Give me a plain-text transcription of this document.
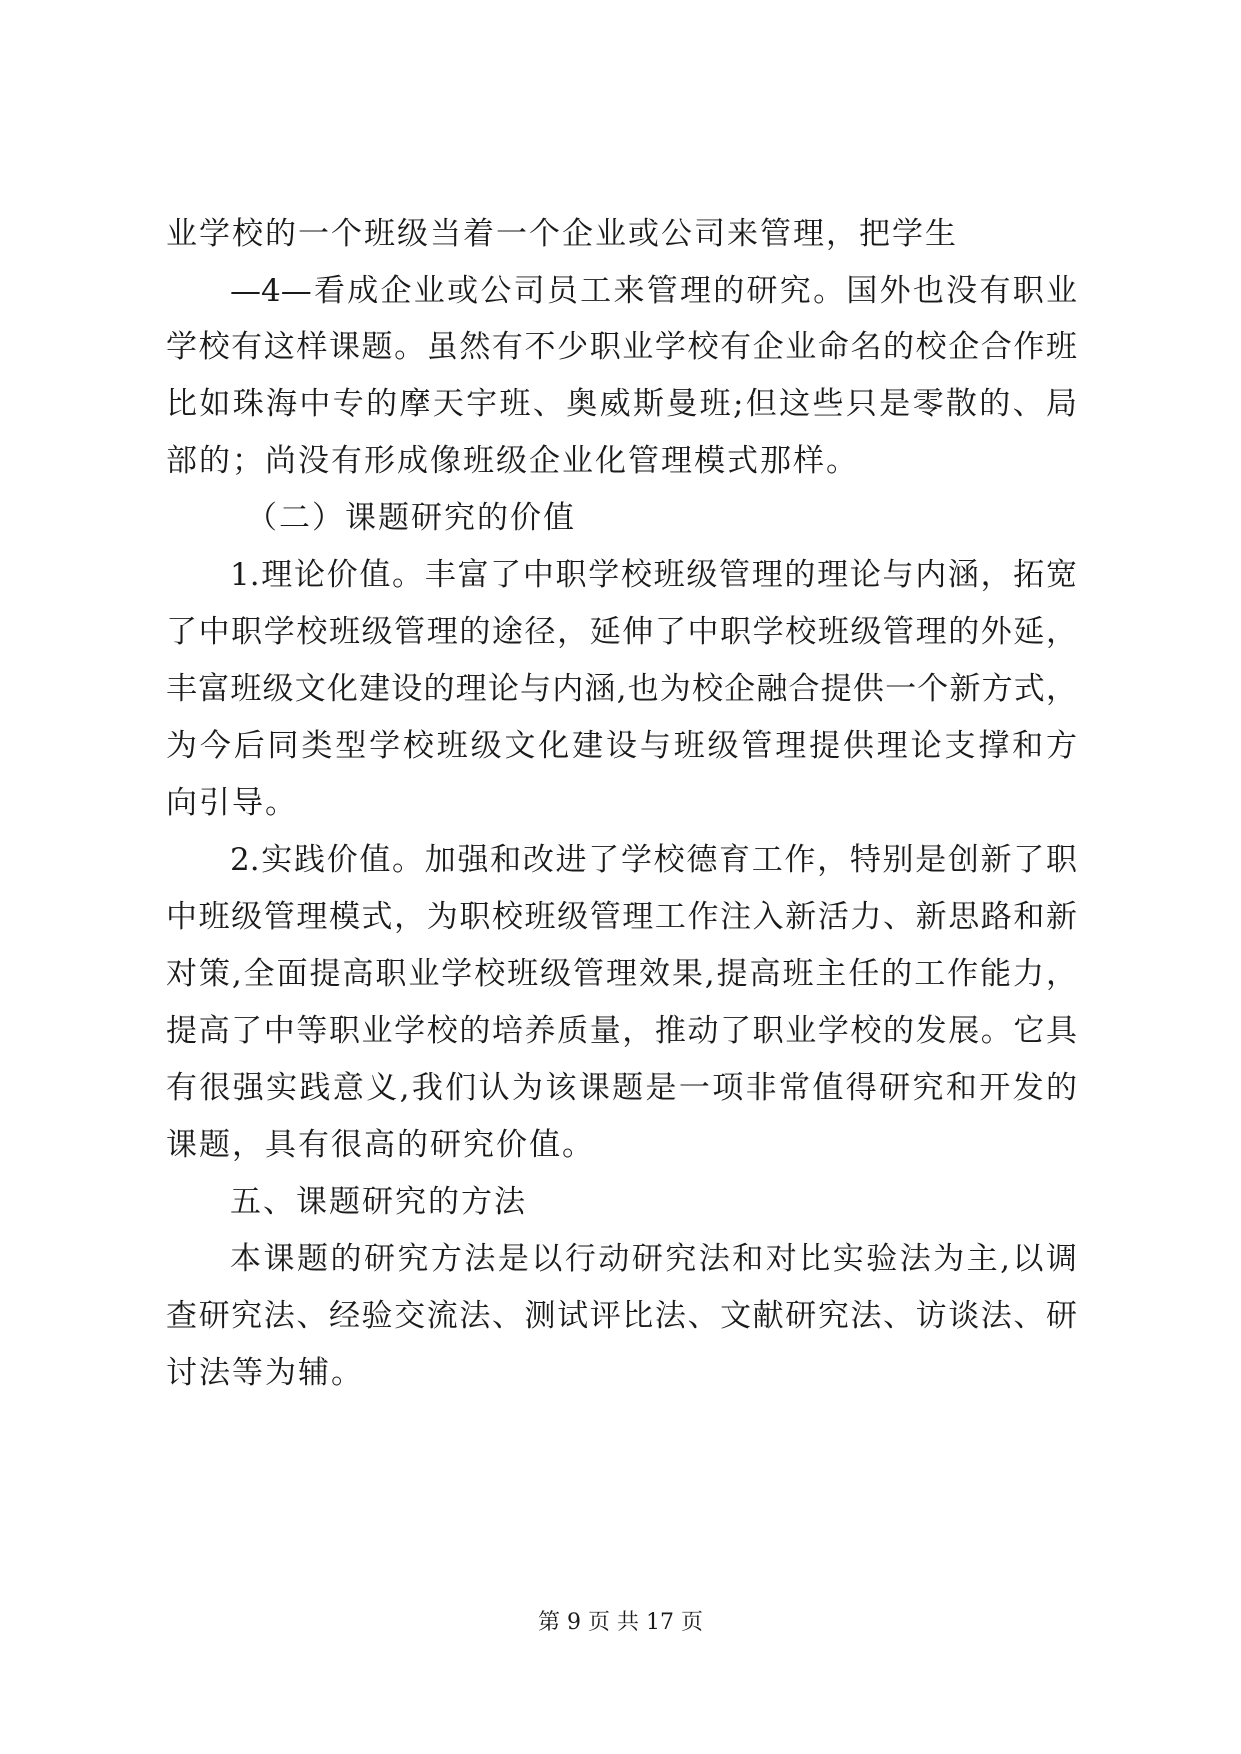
业学校的一个班级当着一个企业或公司来管理，把学生
—4—看成企业或公司员工来管理的研究。国外也没有职业
学校有这样课题。虽然有不少职业学校有企业命名的校企合作班
比如珠海中专的摩天宇班、奥威斯曼班;但这些只是零散的、局
部的；尚没有形成像班级企业化管理模式那样。
（二）课题研究的价值
1.理论价值。丰富了中职学校班级管理的理论与内涵，拓宽
了中职学校班级管理的途径，延伸了中职学校班级管理的外延，
丰富班级文化建设的理论与内涵,也为校企融合提供一个新方式，
为今后同类型学校班级文化建设与班级管理提供理论支撑和方
向引导。
2.实践价值。加强和改进了学校德育工作，特别是创新了职
中班级管理模式，为职校班级管理工作注入新活力、新思路和新
对策,全面提高职业学校班级管理效果,提高班主任的工作能力，
提高了中等职业学校的培养质量，推动了职业学校的发展。它具
有很强实践意义,我们认为该课题是一项非常值得研究和开发的
课题，具有很高的研究价值。
五、课题研究的方法
本课题的研究方法是以行动研究法和对比实验法为主,以调
查研究法、经验交流法、测试评比法、文献研究法、访谈法、研
讨法等为辅。
第 9 页 共 17 页
